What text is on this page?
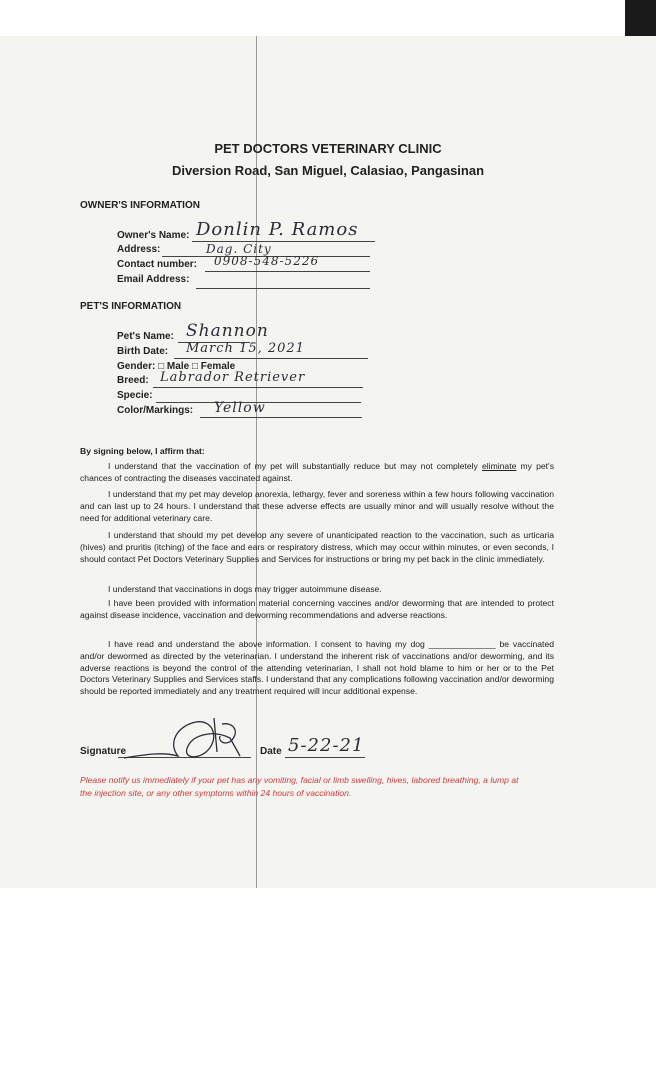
PET DOCTORS VETERINARY CLINIC
Diversion Road, San Miguel, Calasiao, Pangasinan
OWNER'S INFORMATION
Owner's Name: Donlin P. Ramos
Address:	Dag. City
Contact number: 0908-548-5226
Email Address:
PET'S INFORMATION
Pet's Name: Shannon
Birth Date: March 15, 2021
Gender: □ Male □ Female
Breed: Labrador Retriever
Specie:
Color/Markings: Yellow
By signing below, I affirm that:
I understand that the vaccination of my pet will substantially reduce but may not completely eliminate my pet's chances of contracting the diseases vaccinated against.
I understand that my pet may develop anorexia, lethargy, fever and soreness within a few hours following vaccination and can last up to 24 hours. I understand that these adverse effects are usually minor and will usually resolve without the need for additional veterinary care.
I understand that should my pet develop any severe of unanticipated reaction to the vaccination, such as urticaria (hives) and pruritis (itching) of the face and ears or respiratory distress, which may occur within minutes, or even seconds, I should contact Pet Doctors Veterinary Supplies and Services for instructions or bring my pet back in the clinic immediately.
I understand that vaccinations in dogs may trigger autoimmune disease.
I have been provided with information material concerning vaccines and/or deworming that are intended to protect against disease incidence, vaccination and deworming recommendations and adverse reactions.
I have read and understand the above information. I consent to having my dog ______________ be vaccinated and/or dewormed as directed by the veterinarian. I understand the inherent risk of vaccinations and/or deworming, and its adverse reactions is beyond the control of the attending veterinarian, I shall not hold blame to him or her or to the Pet Doctors Veterinary Supplies and Services staffs. I understand that any complications following vaccination and/or deworming should be reported immediately and any treatment required will incur additional expense.
Signature	Date 5-22-21
Please notify us immediately if your pet has any vomiting, facial or limb swelling, hives, labored breathing, a lump at the injection site, or any other symptoms within 24 hours of vaccination.
